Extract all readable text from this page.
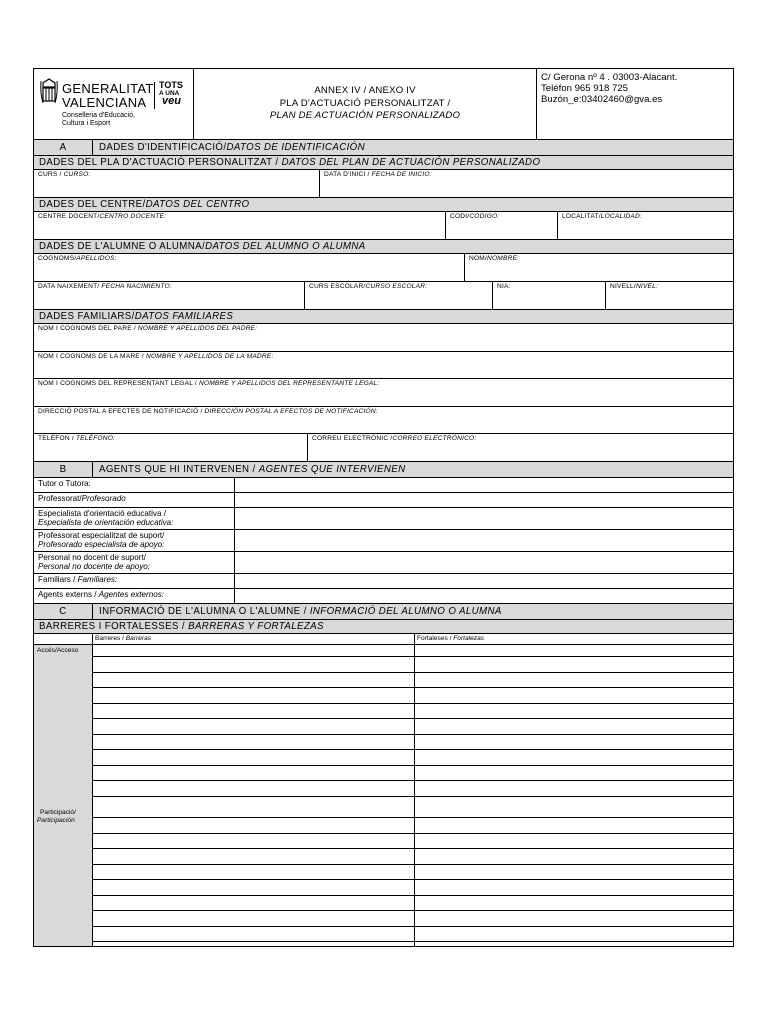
GENERALITAT
VALENCIANA
TOTS
A UNA
veu
Conselleria d'Educació,
Cultura i Esport
ANNEX IV / ANEXO IV
PLA D'ACTUACIÓ PERSONALITZAT /
PLAN DE ACTUACIÓN PERSONALIZADO
C/ Gerona nº 4 . 03003-Alacant.
Teléfon 965 918 725
Buzón_e:03402460@gva.es
A	DADES D'IDENTIFICACIÓ/DATOS DE IDENTIFICACIÓN
DADES DEL PLA D'ACTUACIÓ PERSONALITZAT / DATOS DEL PLAN DE ACTUACIÓN PERSONALIZADO
CURS / CURSO:	DATA D'INICI / FECHA DE INICIO:
DADES DEL CENTRE/DATOS DEL CENTRO
CENTRE DOCENT/CENTRO DOCENTE:	CODI/CODIGO:	LOCALITAT/LOCALIDAD:
DADES DE L'ALUMNE O ALUMNA/DATOS DEL ALUMNO O ALUMNA
COGNOMS/APELLIDOS:	NOM/NOMBRE:
DATA NAIXEMENT/ FECHA NACIMIENTO:	CURS ESCOLAR/CURSO ESCOLAR:	NIA:	NIVELL/NIVEL:
DADES FAMILIARS/DATOS FAMILIARES
NOM I COGNOMS DEL PARE / NOMBRE Y APELLIDOS DEL PADRE:
NOM I COGNOMS DE LA MARE / NOMBRE Y APELLIDOS DE LA MADRE:
NOM I COGNOMS DEL REPRESENTANT LEGAL / NOMBRE Y APELLIDOS DEL REPRESENTANTE LEGAL:
DIRECCIÓ POSTAL A EFECTES DE NOTIFICACIÓ / DIRECCIÓN POSTAL A EFECTOS DE NOTIFICACIÓN:
TELÈFON / TELÉFONO:	CORREU ELECTRÒNIC /CORREO ELECTRÓNICO:
B	AGENTS QUE HI INTERVENEN / AGENTES QUE INTERVIENEN
Tutor o Tutora:
Professorat/Profesorado
Especialista d'orientació educativa /
Especialista de orientación educativa:
Professorat especialitzat de suport/
Profesorado especialista de apoyo:
Personal no docent de suport/
Personal no docente de apoyo:
Familiars / Familiares:
Agents externs / Agentes externos:
C	INFORMACIÓ DE L'ALUMNA O L'ALUMNE / INFORMACIÓ DEL ALUMNO O ALUMNA
BARRERES I FORTALESSES / BARRERAS Y FORTALEZAS
Barreres / Barreras	Fortaleses / Fortalezas
Accés/Acceso
Participació/

Participación
